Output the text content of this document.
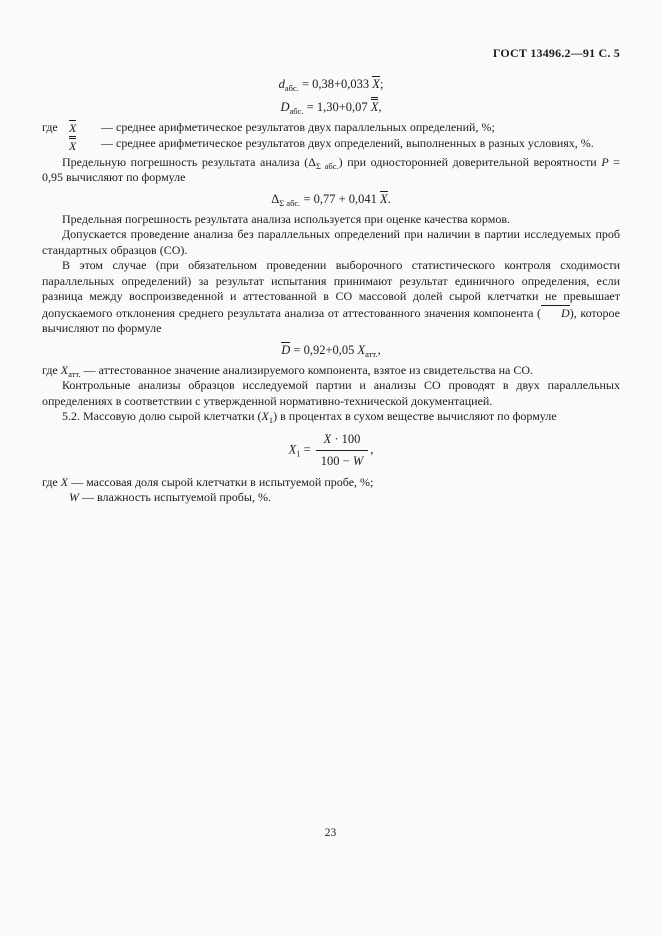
ГОСТ 13496.2—91 С. 5
$d_{абс.} = 0,38+0,033$ X;
$D_{абс.} = 1,30+0,07$ X,
где X	— среднее арифметическое результатов двух параллельных определений, %;
X	— среднее арифметическое результатов двух определений, выполненных в разных условиях, %.

Предельную погрешность результата анализа $(\Delta_{\Sigma абс.})$ при односторонней доверительной вероятности P = 0,95 вычисляют по формуле

$\Delta_{\Sigma абс.} = 0,77 + 0,041$ X.

Предельная погрешность результата анализа используется при оценке качества кормов.

Допускается проведение анализа без параллельных определений при наличии в партии исследуемых проб стандартных образцов (СО).

В этом случае (при обязательном проведении выборочного статистического контроля сходимости параллельных определений) за результат испытания принимают результат единичного определения, если разница между воспроизведенной и аттестованной в СО массовой долей сырой клетчатки не превышает допускаемого отклонения среднего результата анализа от аттестованного значения компонента ( D), которое вычисляют по формуле

D = 0,92+0,05 $X_{атт.}$,

где $X_{атт.}$ — аттестованное значение анализируемого компонента, взятое из свидетельства на СО.

Контрольные анализы образцов исследуемой партии и анализы СО проводят в двух параллельных определениях в соответствии с утвержденной нормативно-технической документацией.

5.2. Массовую долю сырой клетчатки $(X_1)$ в процентах в сухом веществе вычисляют по формуле

$X_1 = \frac{X \cdot 100}{100 - W}$ ,

где X — массовая доля сырой клетчатки в испытуемой пробе, %;

W — влажность испытуемой пробы, %.

23
